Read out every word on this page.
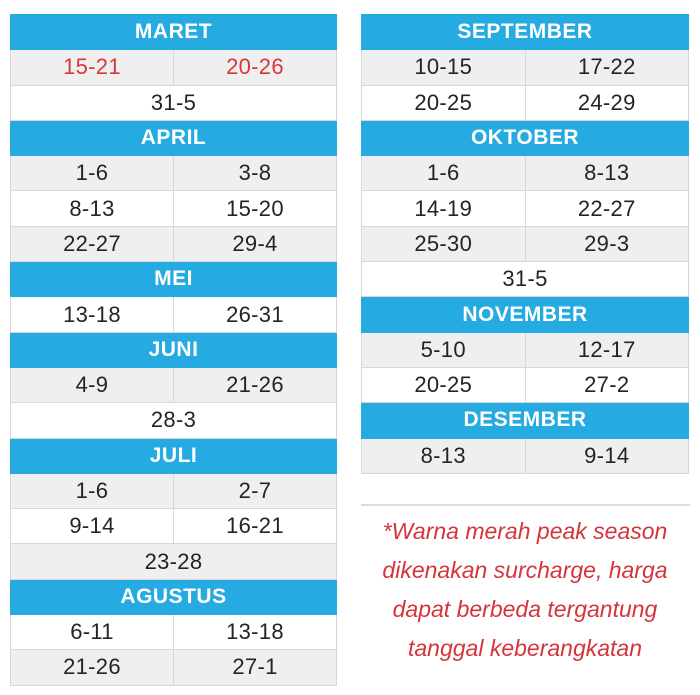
MARET	
15-21	20-26
31-5	
APRIL	
1-6	3-8
8-13	15-20
22-27	29-4
MEI	
13-18	26-31
JUNI	
4-9	21-26
28-3	
JULI	
1-6	2-7
9-14	16-21
23-28	
AGUSTUS	
6-11	13-18
21-26	27-1
SEPTEMBER	
10-15	17-22
20-25	24-29
OKTOBER	
1-6	8-13
14-19	22-27
25-30	29-3
31-5	
NOVEMBER	
5-10	12-17
20-25	27-2
DESEMBER	
8-13	9-14
*Warna merah peak season
dikenakan surcharge, harga
dapat berbeda tergantung
tanggal keberangkatan
